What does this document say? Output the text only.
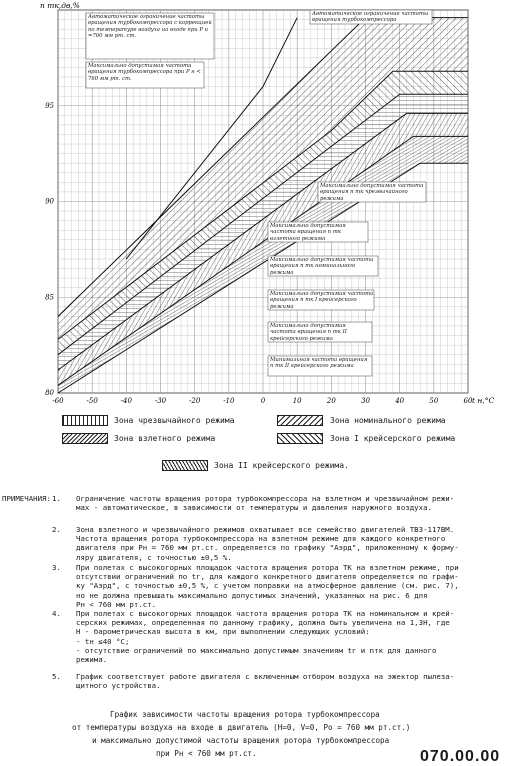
-60	-50	-40	-30	-20	-10	0	10	20	30	40	50	60
80
85
90
95
n тк,дв,%
t н,°C
Автоматическое ограничение частоты вращения турбокомпрессора с коррекцией по температуре воздуха на входе при P н =760 мм рт. ст.
Автоматическое ограничение частоты вращения турбокомпрессора
Максимально допустимая частота вращения турбокомпрессора при P н < 760 мм рт. ст.
Максимально допустимая частота вращения n тк чрезвычайного режима
Максимально допустимая частота вращения n тк взлетного режима
Максимально допустимая частота вращения n тк номинального режима
Максимально допустимая частота вращения n тк I крейсерского режима
Максимально допустимая частота вращения n тк II крейсерского режима
Минимальная частота вращения n тк II крейсерского режима
Зона чрезвычайного режима	Зона номинального режима
Зона взлетного режима	Зона I крейсерского режима
Зона II крейсерского режима.
ПРИМЕЧАНИЯ: 1. Ограничение частоты вращения ротора турбокомпрессора на взлетном и чрезвычайном режи-
мах - автоматическое, в зависимости от температуры и давления наружного воздуха.
2. Зона взлетного и чрезвычайного режимов охватывает все семейство двигателей ТВЗ-117ВМ.
Частота вращения ротора турбокомпрессора на взлетном режиме для каждого конкретного
двигателя при Pн = 760 мм рт.ст. определяется по графику "Аэрд", приложенному к форму-
ляру двигателя, с точностью ±0,5 %.
3. При полетах с высокогорных площадок частота вращения ротора ТК на взлетном режиме, при
отсутствии ограничений по tг, для каждого конкретного двигателя определяется по графи-
ку "Аэрд", с точностью ±0,5 %, с учетом поправки на атмосферное давление (см. рис. 7),
но не должна превышать максимально допустимых значений, указанных на рис. 6 для
Pн < 760 мм рт.ст.
4. При полетах с высокогорных площадок частота вращения ротора ТК на номинальном и крей-
серских режимах, определенная по данному графику, должна быть увеличена на 1,3Н, где
Н - барометрическая высота в км, при выполнении следующих условий:
- tн ≤40 °С;
- отсутствие ограничений по максимально допустимым значениям tг и nтк для данного
режима.
5. График соответствует работе двигателя с включенным отбором воздуха на эжектор пылеза-
щитного устройства.
График зависимости частоты вращения ротора турбокомпрессора
от температуры воздуха на входе в двигатель (Н=0, V=0, Pо = 760 мм рт.ст.)
и максимально допустимой частоты вращения ротора турбокомпрессора
при Pн < 760 мм рт.ст.	070.00.00
